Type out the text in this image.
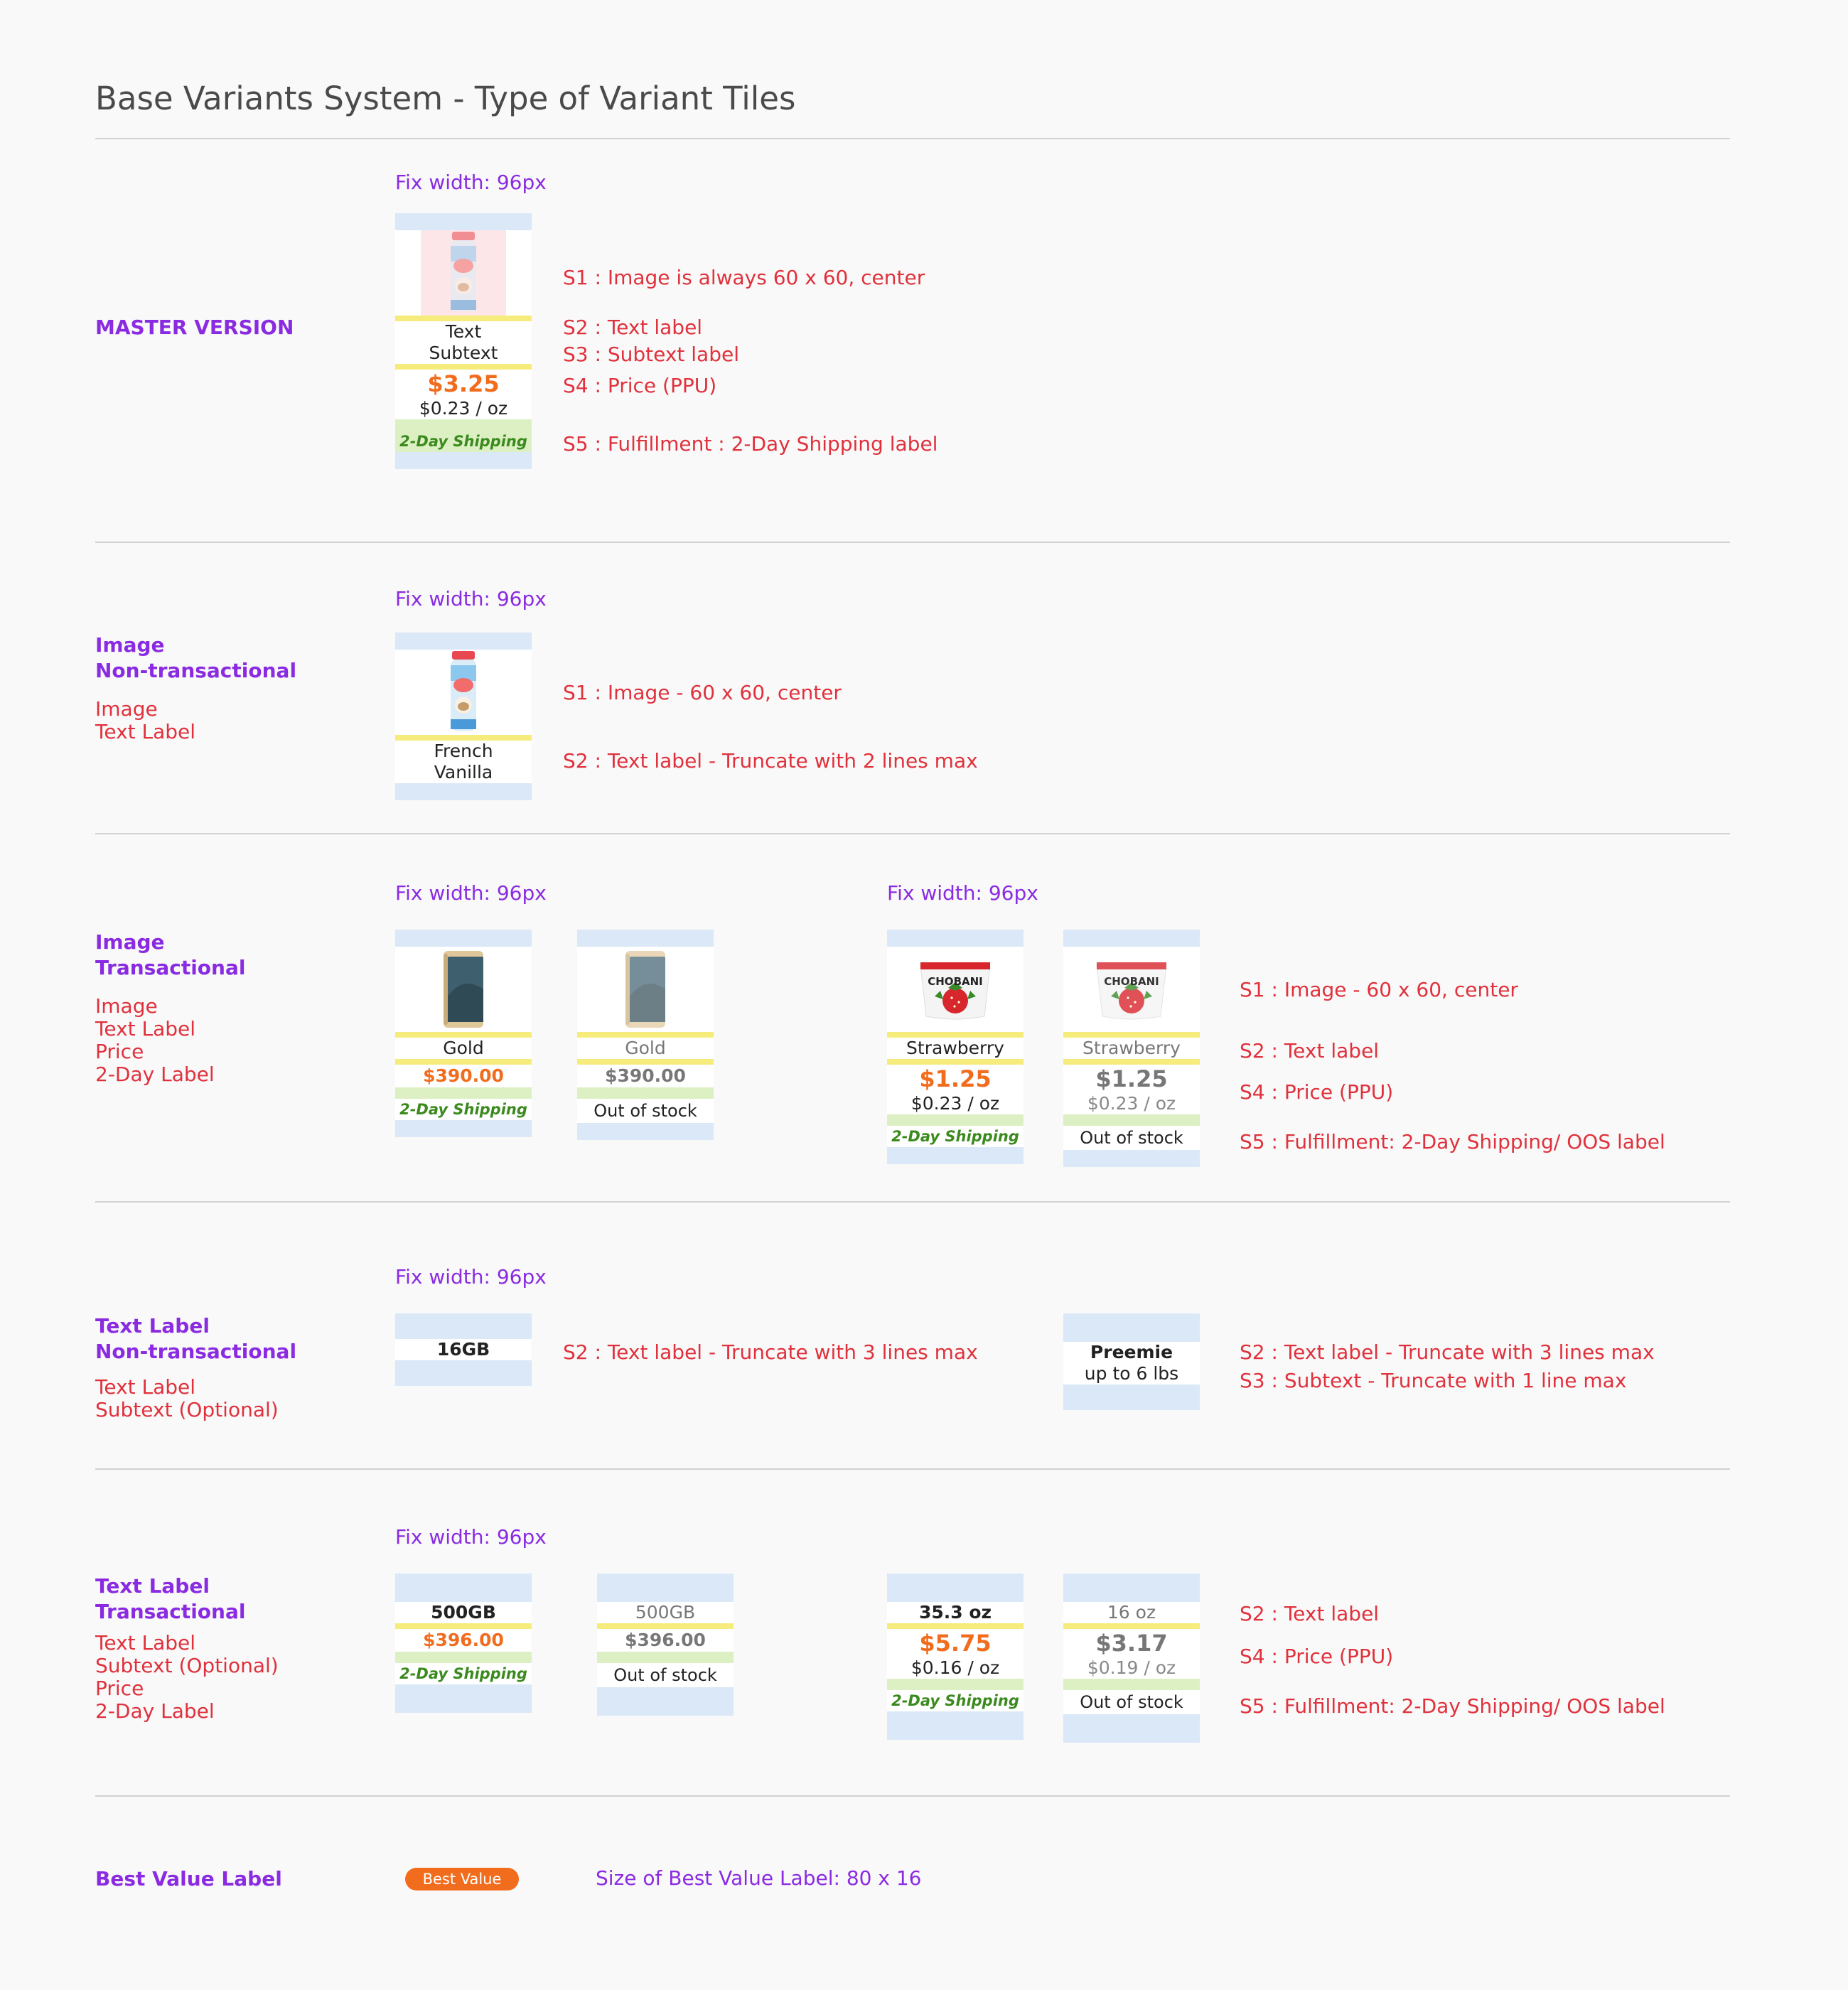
Base Variants System - Type of Variant Tiles
MASTER VERSION
Fix width: 96px
Text
Subtext
$3.25
$0.23 / oz
2-Day Shipping
S1 : Image is always 60 x 60, center
S2 : Text label
S3 : Subtext label
S4 : Price (PPU)
S5 : Fulfillment : 2-Day Shipping label
Image
Non-transactional
Image
Text Label
Fix width: 96px
French
Vanilla
S1 : Image - 60 x 60, center
S2 : Text label - Truncate with 2 lines max
Image
Transactional
Image
Text Label
Price
2-Day Label
Fix width: 96px	Fix width: 96px
Gold
$390.00
2-Day Shipping
Gold
$390.00
Out of stock
CHOBANI
Strawberry
$1.25
$0.23 / oz
2-Day Shipping
CHOBANI
Strawberry
$1.25
$0.23 / oz
Out of stock
S1 : Image - 60 x 60, center
S2 : Text label
S4 : Price (PPU)
S5 : Fulfillment: 2-Day Shipping/ OOS label
Text Label
Non-transactional
Text Label
Subtext (Optional)
Fix width: 96px
16GB	S2 : Text label - Truncate with 3 lines max	Preemie
up to 6 lbs
S2 : Text label - Truncate with 3 lines max
S3 : Subtext - Truncate with 1 line max
Text Label
Transactional
Text Label
Subtext (Optional)
Price
2-Day Label
Fix width: 96px
500GB
$396.00
2-Day Shipping
500GB
$396.00
Out of stock
35.3 oz
$5.75
$0.16 / oz
2-Day Shipping
16 oz
$3.17
$0.19 / oz
Out of stock
S2 : Text label
S4 : Price (PPU)
S5 : Fulfillment: 2-Day Shipping/ OOS label
Best Value Label	Best Value	Size of Best Value Label: 80 x 16
